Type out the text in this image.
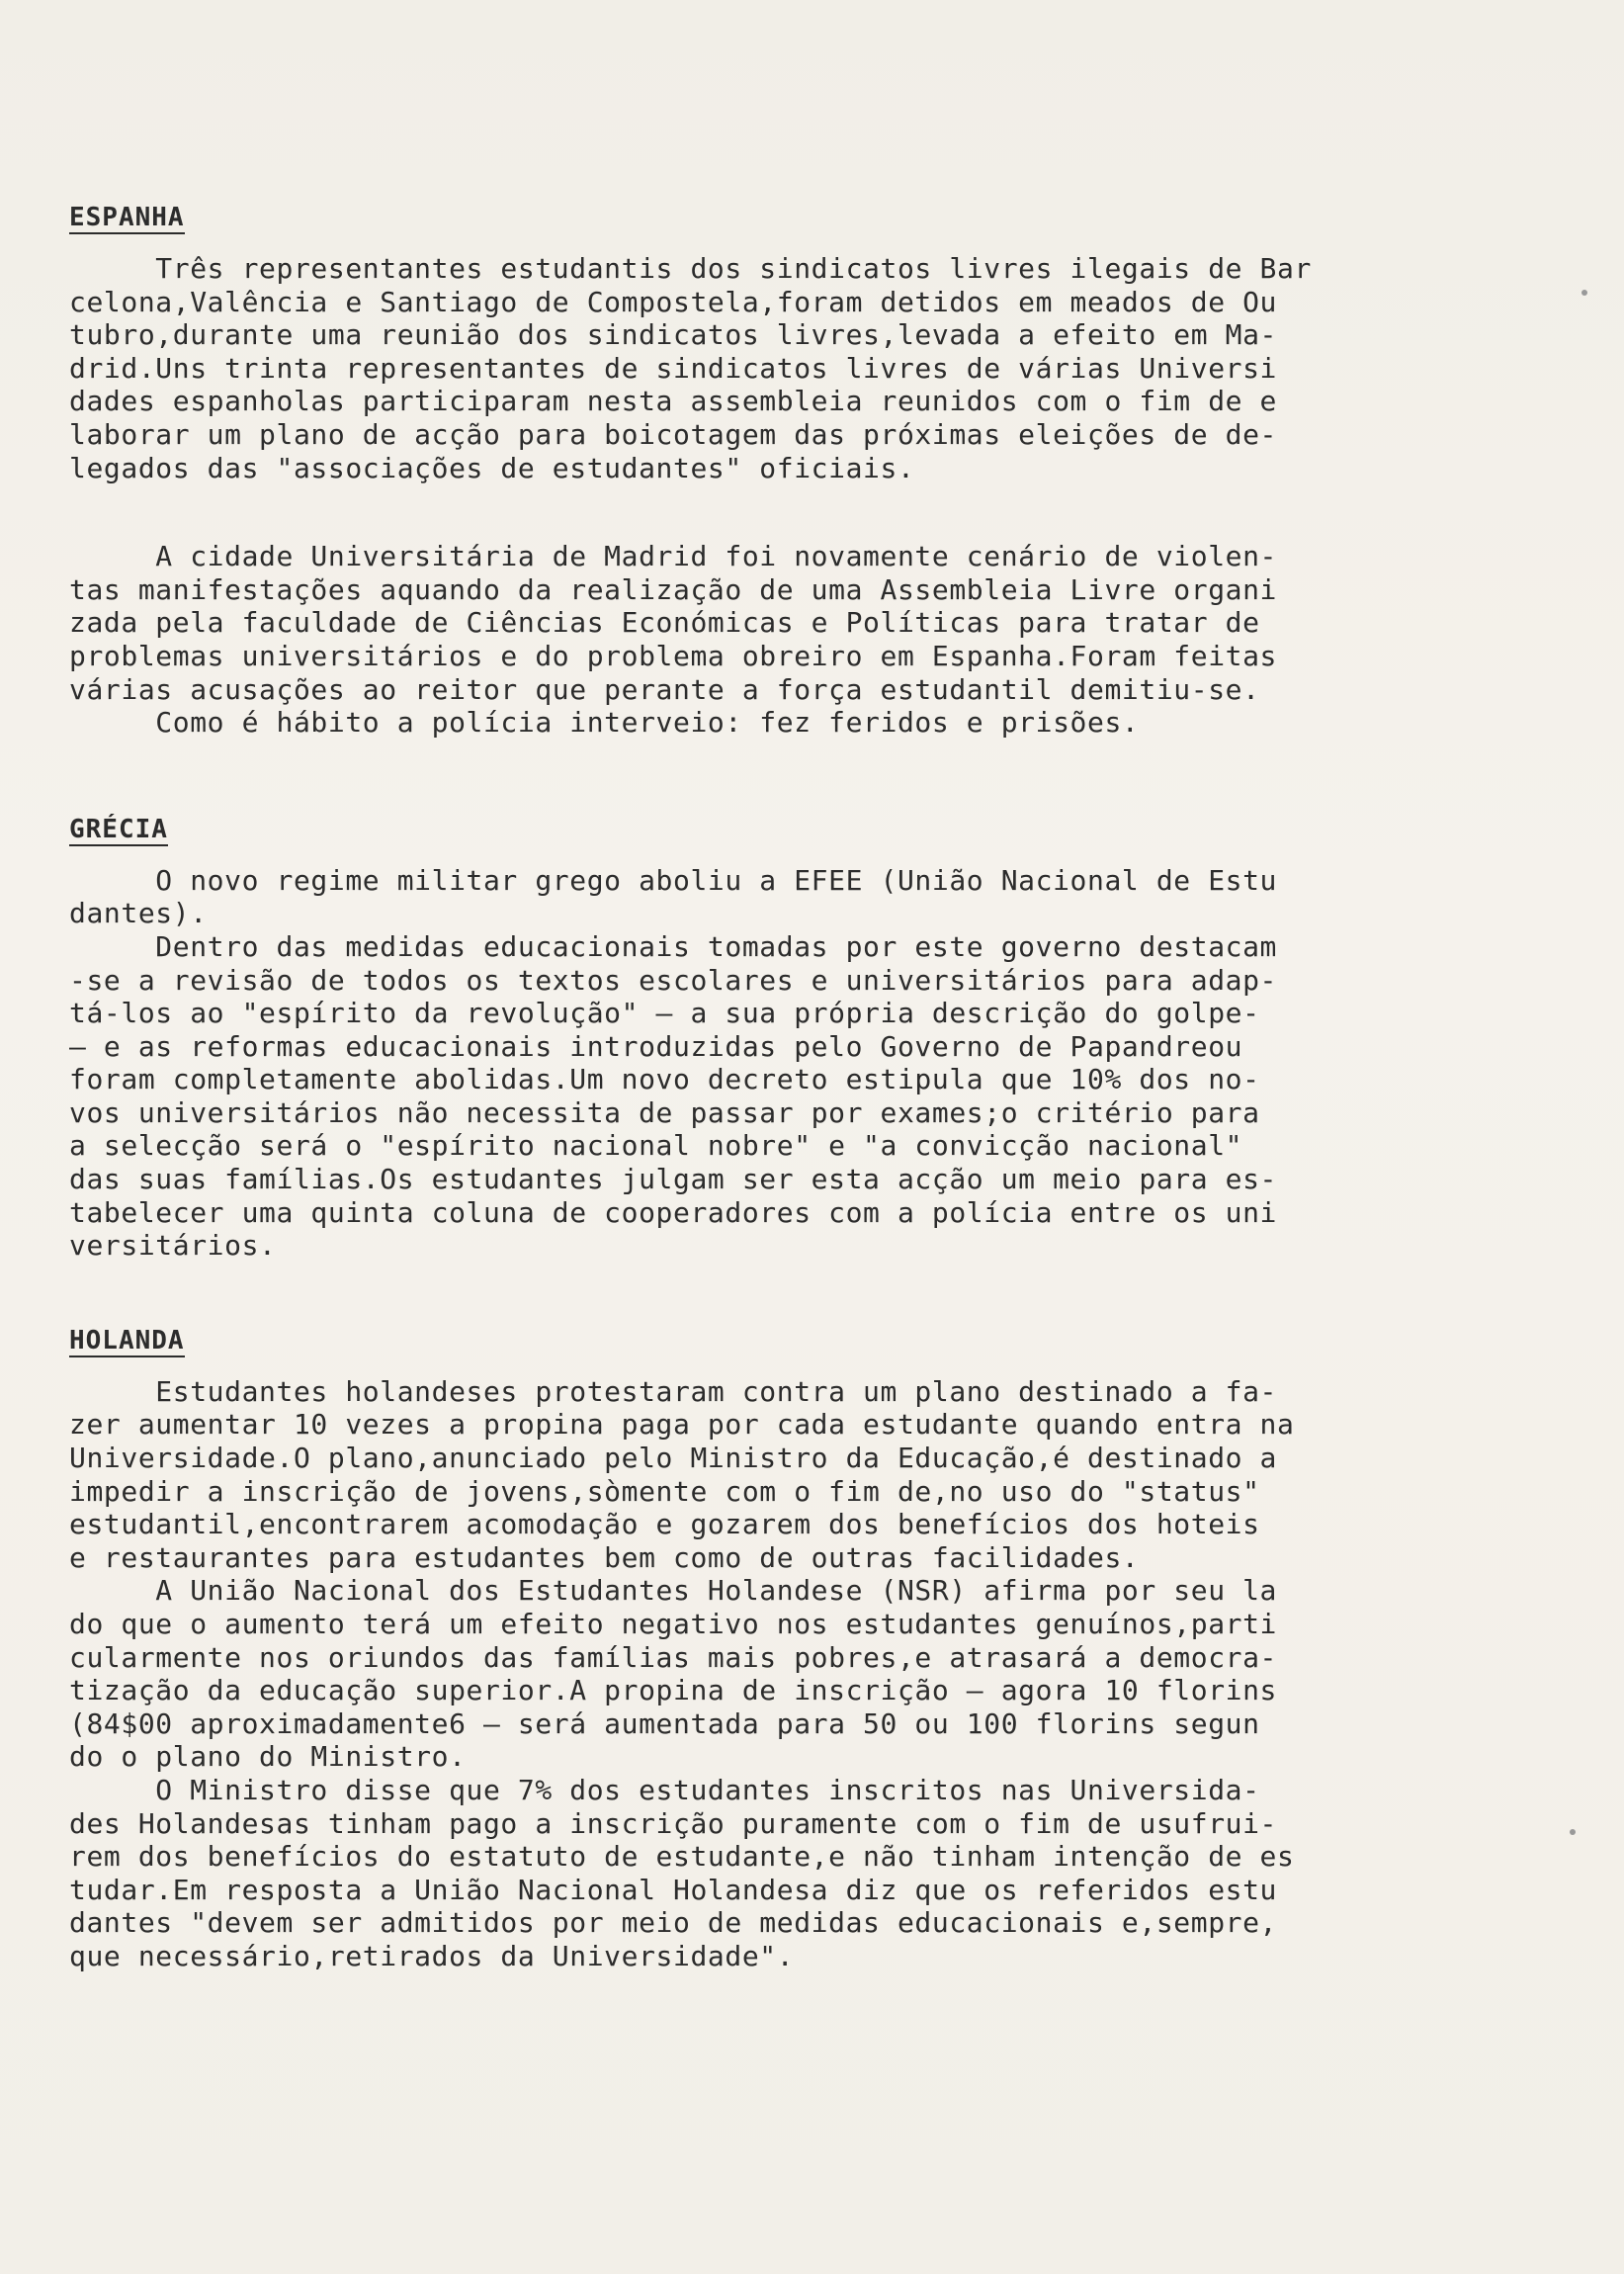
ESPANHA
Três representantes estudantis dos sindicatos livres ilegais de Bar
celona,Valência e Santiago de Compostela,foram detidos em meados de Ou
tubro,durante uma reunião dos sindicatos livres,levada a efeito em Ma-
drid.Uns trinta representantes de sindicatos livres de várias Universi
dades espanholas participaram nesta assembleia reunidos com o fim de e
laborar um plano de acção para boicotagem das próximas eleições de de-
legados das "associações de estudantes" oficiais.
A cidade Universitária de Madrid foi novamente cenário de violen-
tas manifestações aquando da realização de uma Assembleia Livre organi
zada pela faculdade de Ciências Económicas e Políticas para tratar de
problemas universitários e do problema obreiro em Espanha.Foram feitas
várias acusações ao reitor que perante a força estudantil demitiu-se.
Como é hábito a polícia interveio: fez feridos e prisões.
GRÉCIA
O novo regime militar grego aboliu a EFEE (União Nacional de Estu
dantes).
Dentro das medidas educacionais tomadas por este governo destacam
-se a revisão de todos os textos escolares e universitários para adap-
tá-los ao "espírito da revolução" — a sua própria descrição do golpe-
— e as reformas educacionais introduzidas pelo Governo de Papandreou
foram completamente abolidas.Um novo decreto estipula que 10% dos no-
vos universitários não necessita de passar por exames;o critério para
a selecção será o "espírito nacional nobre" e "a convicção nacional"
das suas famílias.Os estudantes julgam ser esta acção um meio para es-
tabelecer uma quinta coluna de cooperadores com a polícia entre os uni
versitários.
HOLANDA
Estudantes holandeses protestaram contra um plano destinado a fa-
zer aumentar 10 vezes a propina paga por cada estudante quando entra na
Universidade.O plano,anunciado pelo Ministro da Educação,é destinado a
impedir a inscrição de jovens,sòmente com o fim de,no uso do "status"
estudantil,encontrarem acomodação e gozarem dos benefícios dos hoteis
e restaurantes para estudantes bem como de outras facilidades.
A União Nacional dos Estudantes Holandese (NSR) afirma por seu la
do que o aumento terá um efeito negativo nos estudantes genuínos,parti
cularmente nos oriundos das famílias mais pobres,e atrasará a democra-
tização da educação superior.A propina de inscrição — agora 10 florins
(84$00 aproximadamente6 — será aumentada para 50 ou 100 florins segun
do o plano do Ministro.
O Ministro disse que 7% dos estudantes inscritos nas Universida-
des Holandesas tinham pago a inscrição puramente com o fim de usufrui-
rem dos benefícios do estatuto de estudante,e não tinham intenção de es
tudar.Em resposta a União Nacional Holandesa diz que os referidos estu
dantes "devem ser admitidos por meio de medidas educacionais e,sempre,
que necessário,retirados da Universidade".
